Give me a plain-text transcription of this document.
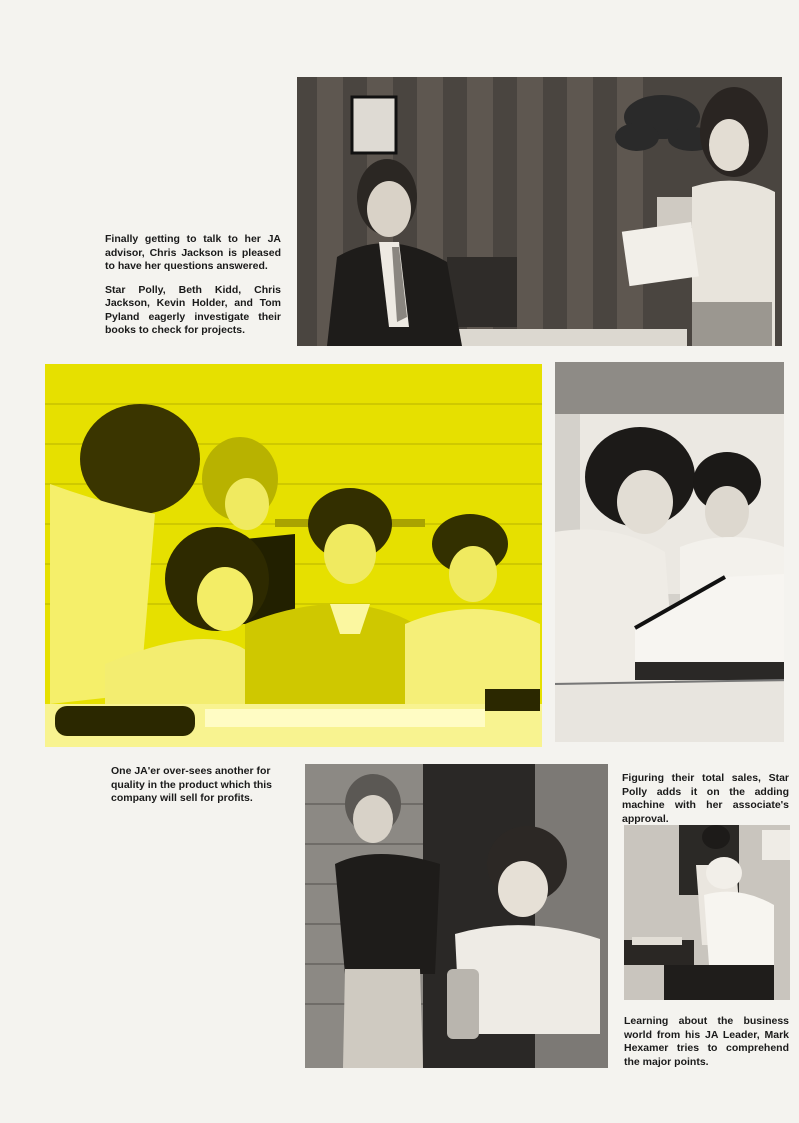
Finally getting to talk to her JA advisor, Chris Jackson is pleased to have her questions answered.

Star Polly, Beth Kidd, Chris Jackson, Kevin Holder, and Tom Pyland eagerly investigate their books to check for projects.

One JA'er over-sees another for quality in the product which this company will sell for profits.

Figuring their total sales, Star Polly adds it on the adding machine with her associate's approval.

Learning about the business world from his JA Leader, Mark Hexamer tries to comprehend the major points.
